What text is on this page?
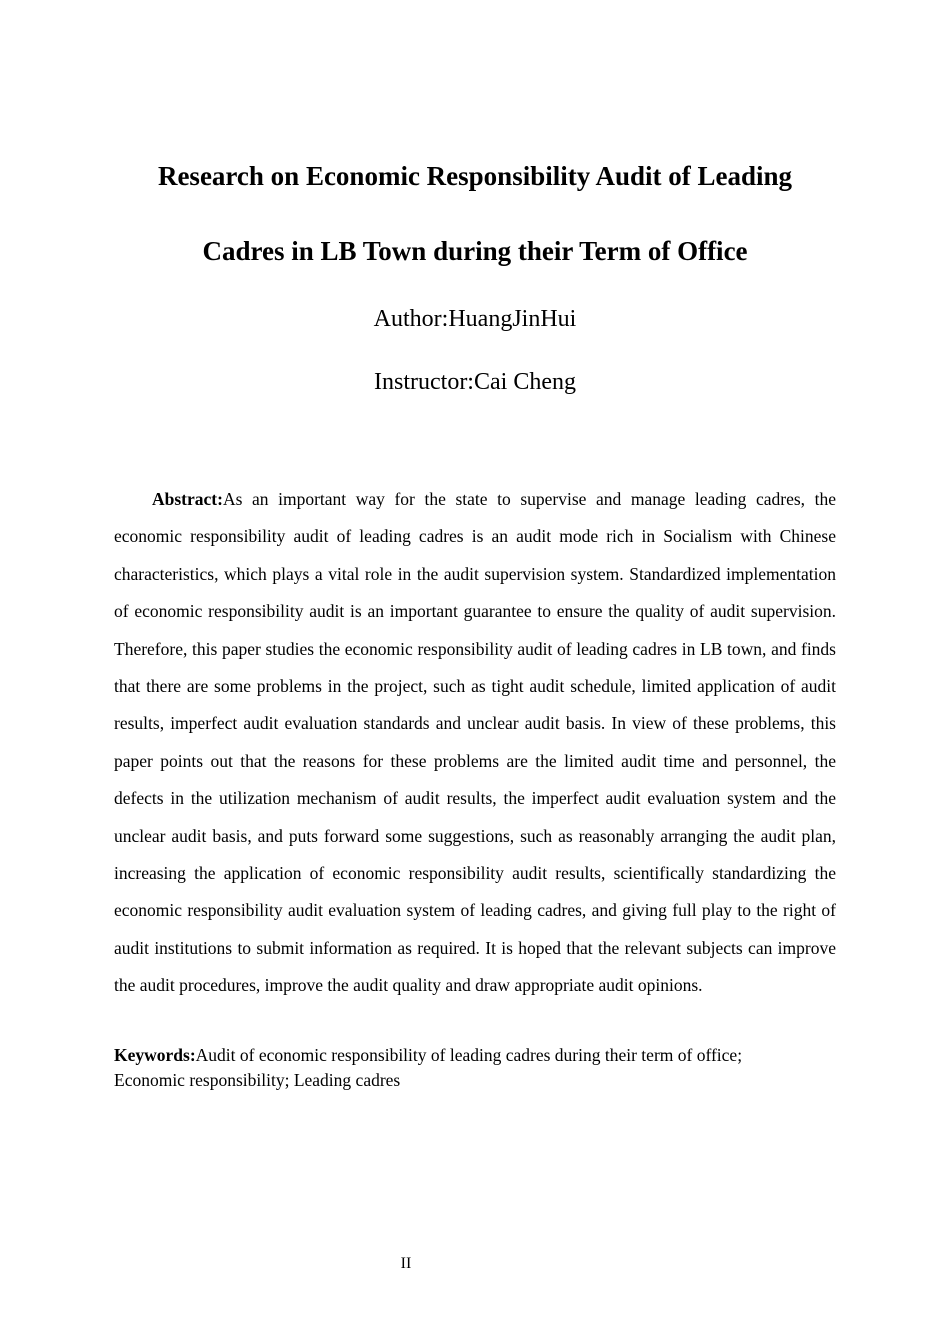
Research on Economic Responsibility Audit of Leading
Cadres in LB Town during their Term of Office

Author:HuangJinHui

Instructor:Cai Cheng

Abstract:As an important way for the state to supervise and manage leading cadres, the economic responsibility audit of leading cadres is an audit mode rich in Socialism with Chinese characteristics, which plays a vital role in the audit supervision system. Standardized implementation of economic responsibility audit is an important guarantee to ensure the quality of audit supervision. Therefore, this paper studies the economic responsibility audit of leading cadres in LB town, and finds that there are some problems in the project, such as tight audit schedule, limited application of audit results, imperfect audit evaluation standards and unclear audit basis. In view of these problems, this paper points out that the reasons for these problems are the limited audit time and personnel, the defects in the utilization mechanism of audit results, the imperfect audit evaluation system and the unclear audit basis, and puts forward some suggestions, such as reasonably arranging the audit plan, increasing the application of economic responsibility audit results, scientifically standardizing the economic responsibility audit evaluation system of leading cadres, and giving full play to the right of audit institutions to submit information as required. It is hoped that the relevant subjects can improve the audit procedures, improve the audit quality and draw appropriate audit opinions.

Keywords:Audit of economic responsibility of leading cadres during their term of office;
Economic responsibility; Leading cadres

II
